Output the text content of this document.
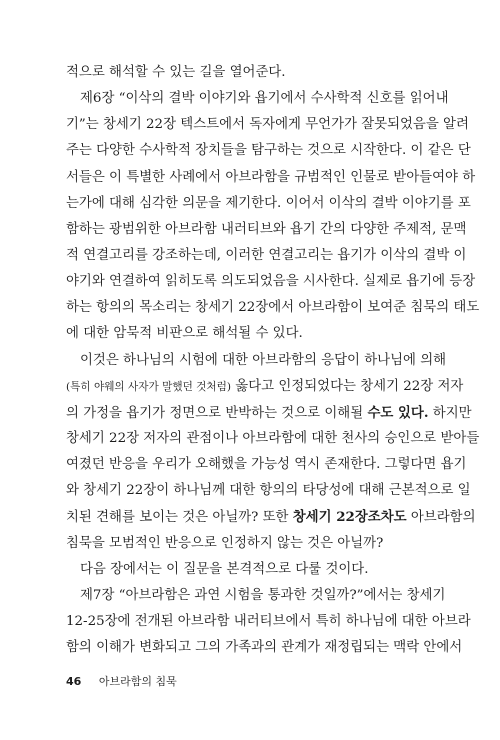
적으로 해석할 수 있는 길을 열어준다.
제6장 “이삭의 결박 이야기와 욥기에서 수사학적 신호를 읽어내
기”는 창세기 22장 텍스트에서 독자에게 무언가가 잘못되었음을 알려
주는 다양한 수사학적 장치들을 탐구하는 것으로 시작한다. 이 같은 단
서들은 이 특별한 사례에서 아브라함을 규범적인 인물로 받아들여야 하
는가에 대해 심각한 의문을 제기한다. 이어서 이삭의 결박 이야기를 포
함하는 광범위한 아브라함 내러티브와 욥기 간의 다양한 주제적, 문맥
적 연결고리를 강조하는데, 이러한 연결고리는 욥기가 이삭의 결박 이
야기와 연결하여 읽히도록 의도되었음을 시사한다. 실제로 욥기에 등장
하는 항의의 목소리는 창세기 22장에서 아브라함이 보여준 침묵의 태도
에 대한 암묵적 비판으로 해석될 수 있다.
이것은 하나님의 시험에 대한 아브라함의 응답이 하나님에 의해
(특히 야웨의 사자가 말했던 것처럼) 옳다고 인정되었다는 창세기 22장 저자
의 가정을 욥기가 정면으로 반박하는 것으로 이해될 수도 있다. 하지만
창세기 22장 저자의 관점이나 아브라함에 대한 천사의 승인으로 받아들
여졌던 반응을 우리가 오해했을 가능성 역시 존재한다. 그렇다면 욥기
와 창세기 22장이 하나님께 대한 항의의 타당성에 대해 근본적으로 일
치된 견해를 보이는 것은 아닐까? 또한 창세기 22장조차도 아브라함의
침묵을 모범적인 반응으로 인정하지 않는 것은 아닐까?
다음 장에서는 이 질문을 본격적으로 다룰 것이다.
제7장 “아브라함은 과연 시험을 통과한 것일까?”에서는 창세기
12-25장에 전개된 아브라함 내러티브에서 특히 하나님에 대한 아브라
함의 이해가 변화되고 그의 가족과의 관계가 재정립되는 맥락 안에서
46 아브라함의 침묵
